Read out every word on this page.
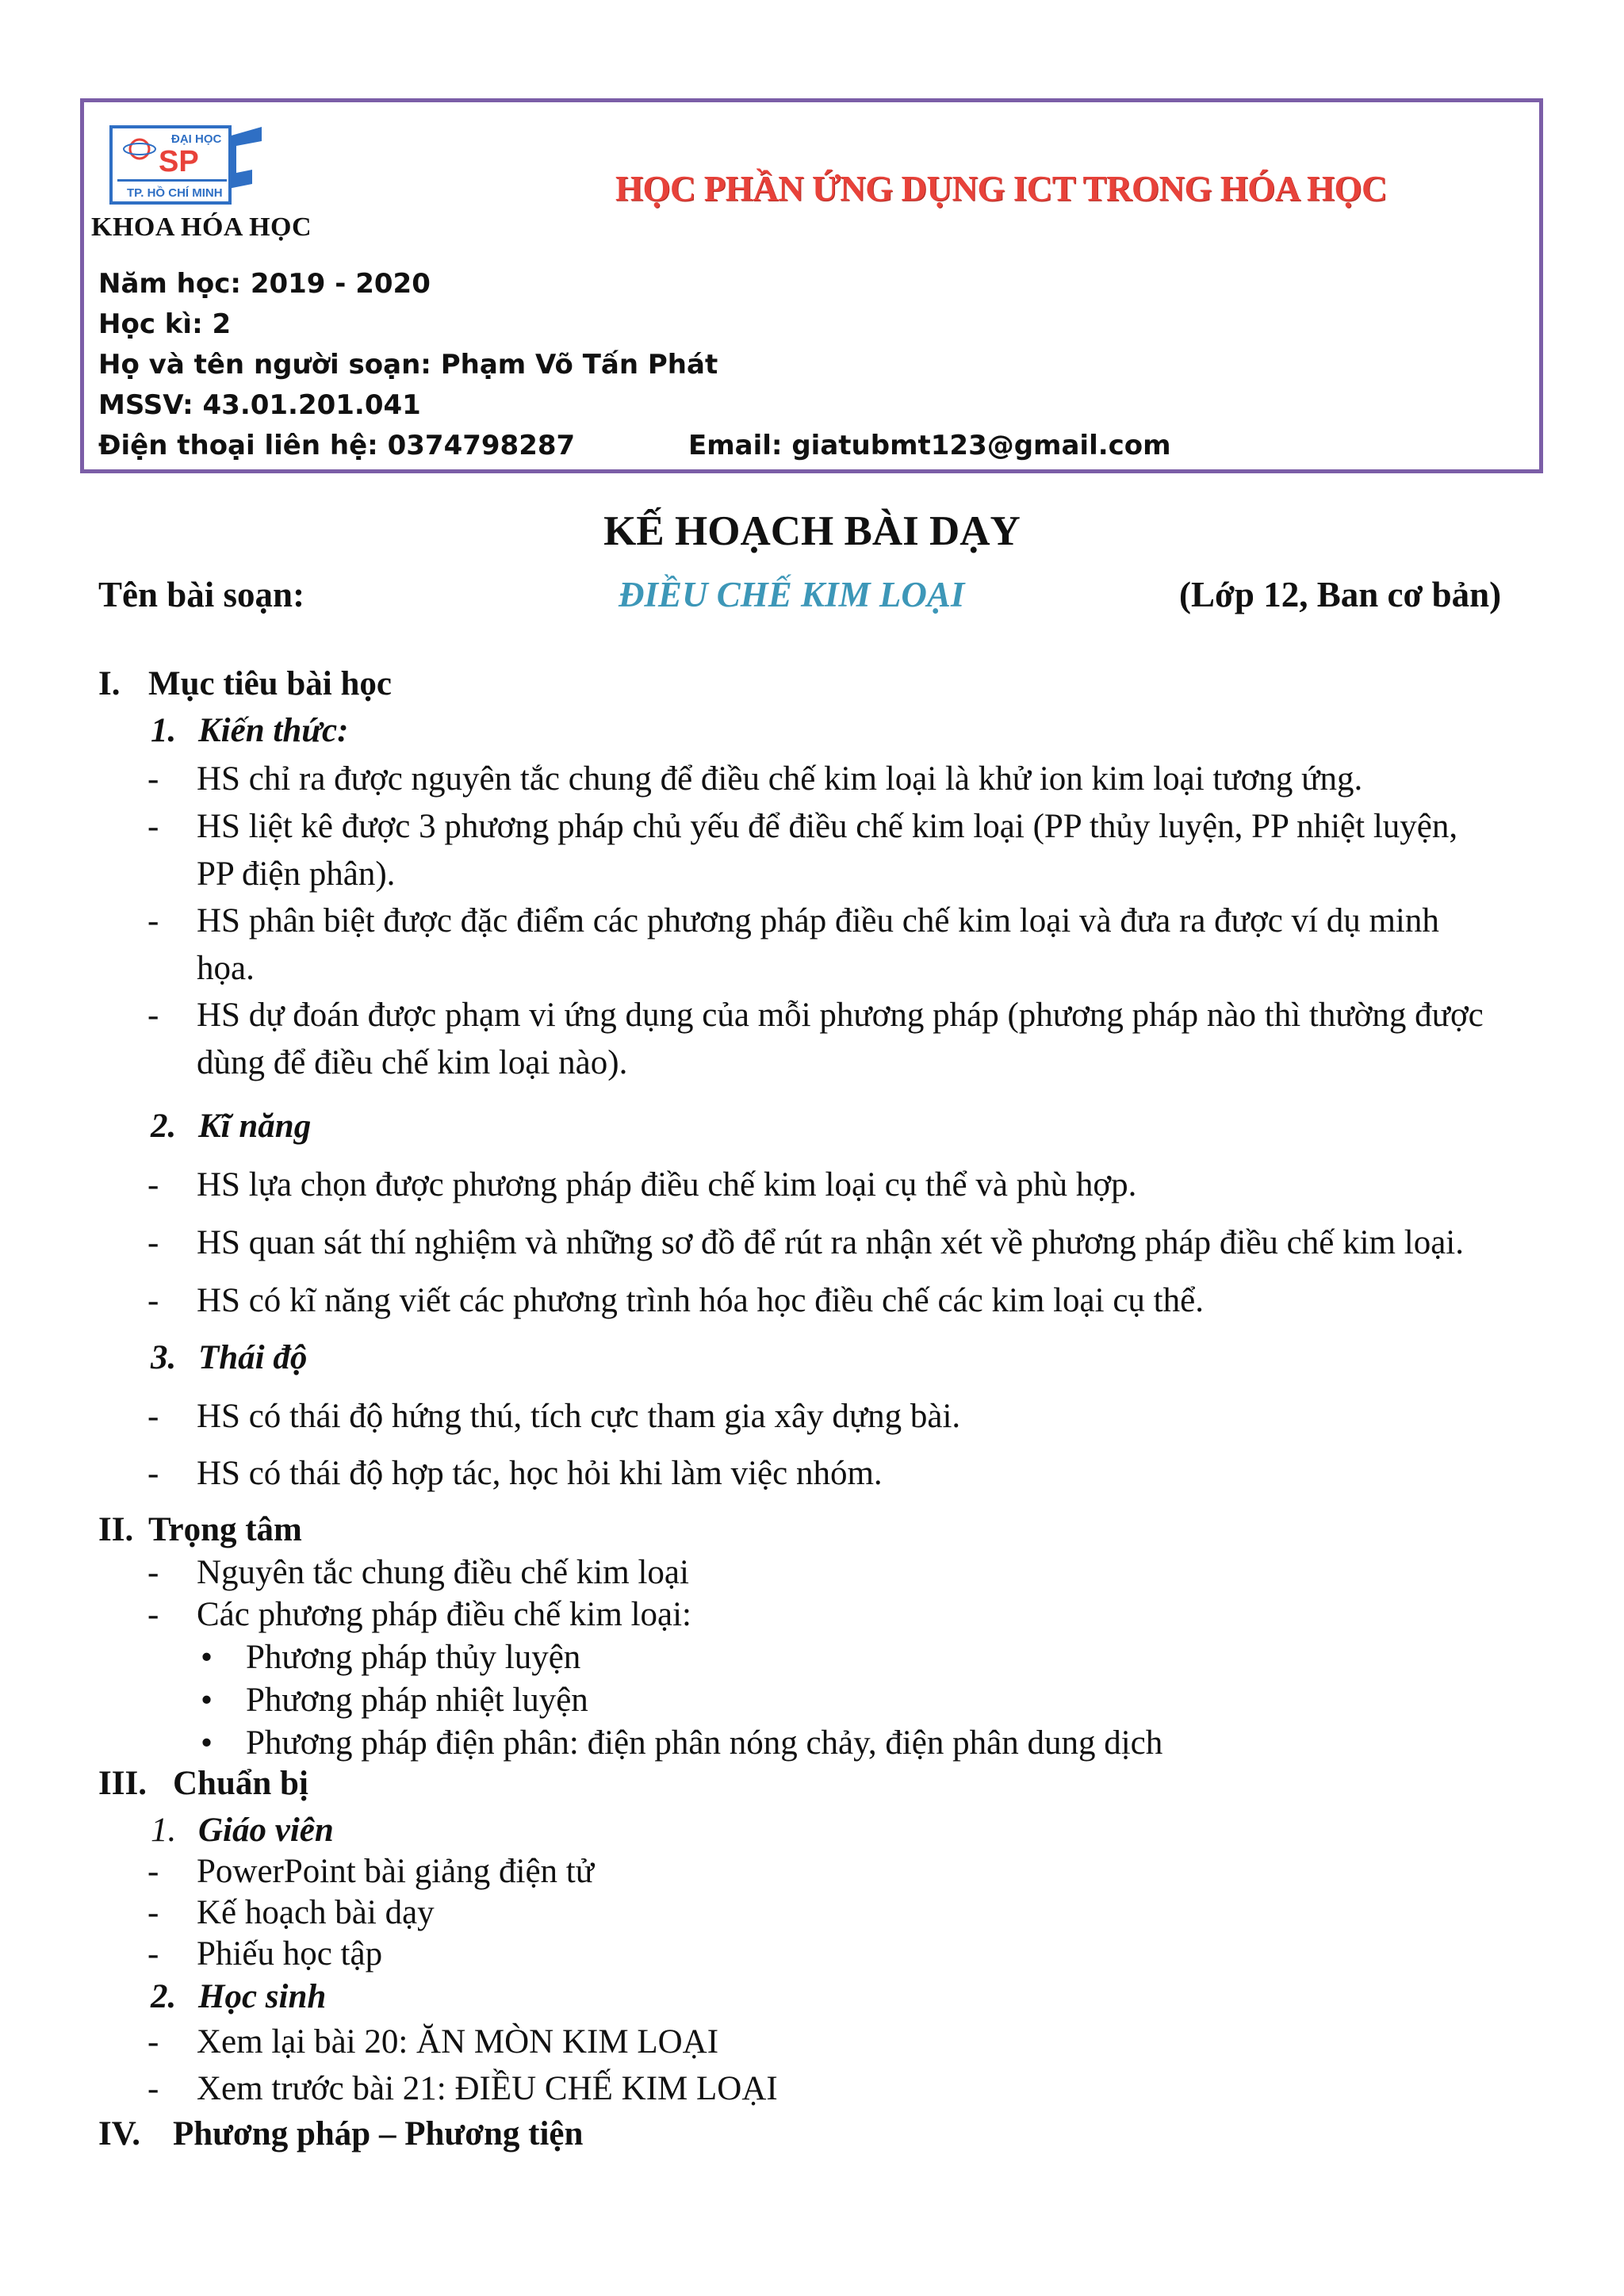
ĐẠI HỌC
SP
TP. HỒ CHÍ MINH
KHOA HÓA HỌC
HỌC PHẦN ỨNG DỤNG ICT TRONG HÓA HỌC
Năm học: 2019 - 2020
Học kì: 2
Họ và tên người soạn: Phạm Võ Tấn Phát
MSSV: 43.01.201.041
Điện thoại liên hệ: 0374798287	Email: giatubmt123@gmail.com
KẾ HOẠCH BÀI DẠY
Tên bài soạn:	ĐIỀU CHẾ KIM LOẠI	(Lớp 12, Ban cơ bản)
I. Mục tiêu bài học
1. Kiến thức:
- HS chỉ ra được nguyên tắc chung để điều chế kim loại là khử ion kim loại tương ứng.
- HS liệt kê được 3 phương pháp chủ yếu để điều chế kim loại (PP thủy luyện, PP nhiệt luyện,
PP điện phân).
- HS phân biệt được đặc điểm các phương pháp điều chế kim loại và đưa ra được ví dụ minh
họa.
- HS dự đoán được phạm vi ứng dụng của mỗi phương pháp (phương pháp nào thì thường được
dùng để điều chế kim loại nào).
2. Kĩ năng
- HS lựa chọn được phương pháp điều chế kim loại cụ thể và phù hợp.
- HS quan sát thí nghiệm và những sơ đồ để rút ra nhận xét về phương pháp điều chế kim loại.
- HS có kĩ năng viết các phương trình hóa học điều chế các kim loại cụ thể.
3. Thái độ
- HS có thái độ hứng thú, tích cực tham gia xây dựng bài.
- HS có thái độ hợp tác, học hỏi khi làm việc nhóm.
II. Trọng tâm
- Nguyên tắc chung điều chế kim loại
- Các phương pháp điều chế kim loại:
• Phương pháp thủy luyện
• Phương pháp nhiệt luyện
• Phương pháp điện phân: điện phân nóng chảy, điện phân dung dịch
III. Chuẩn bị
1. Giáo viên
- PowerPoint bài giảng điện tử
- Kế hoạch bài dạy
- Phiếu học tập
2. Học sinh
- Xem lại bài 20: ĂN MÒN KIM LOẠI
- Xem trước bài 21: ĐIỀU CHẾ KIM LOẠI
IV. Phương pháp – Phương tiện
